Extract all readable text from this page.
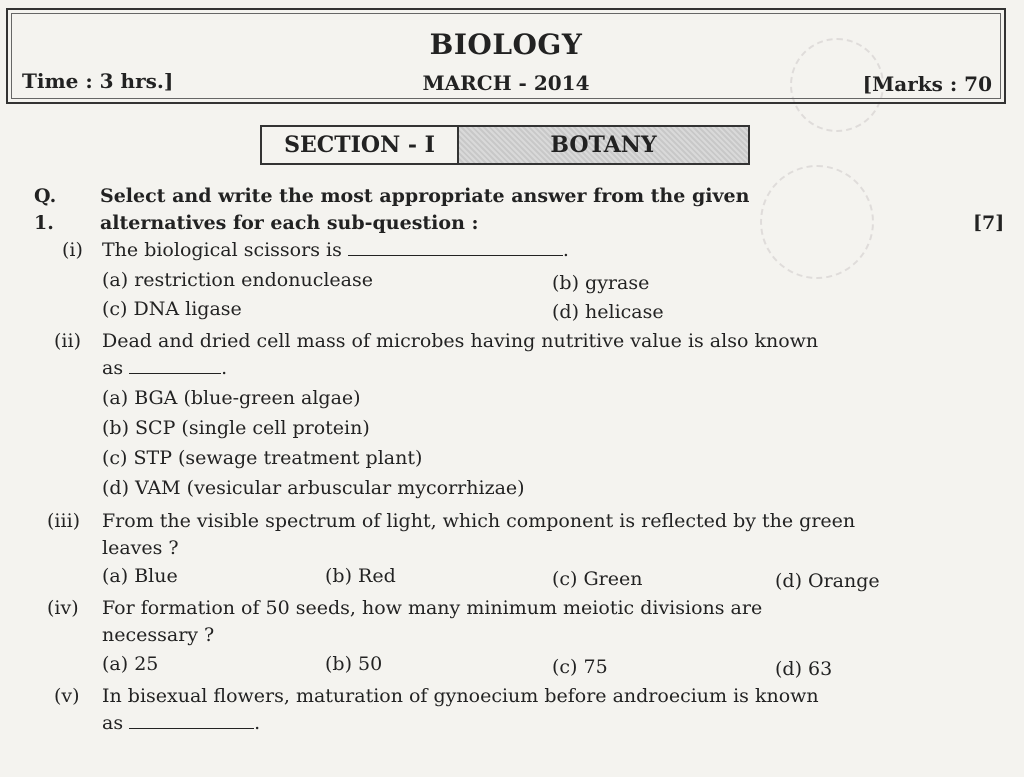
BIOLOGY
MARCH - 2014
Time : 3 hrs.]	[Marks : 70
SECTION - I	BOTANY
Q. 1.
Select and write the most appropriate answer from the given
alternatives for each sub-question :	[7]
(i) The biological scissors is	.
(a) restriction endonuclease	(b) gyrase
(c) DNA ligase	(d) helicase
(ii) Dead and dried cell mass of microbes having nutritive value is also known
as	.
(a) BGA (blue-green algae)
(b) SCP (single cell protein)
(c) STP (sewage treatment plant)
(d) VAM (vesicular arbuscular mycorrhizae)
(iii) From the visible spectrum of light, which component is reflected by the green
leaves ?
(a) Blue	(b) Red	(c) Green	(d) Orange
(iv) For formation of 50 seeds, how many minimum meiotic divisions are
necessary ?
(a) 25	(b) 50	(c) 75	(d) 63
(v) In bisexual flowers, maturation of gynoecium before androecium is known
as	.
